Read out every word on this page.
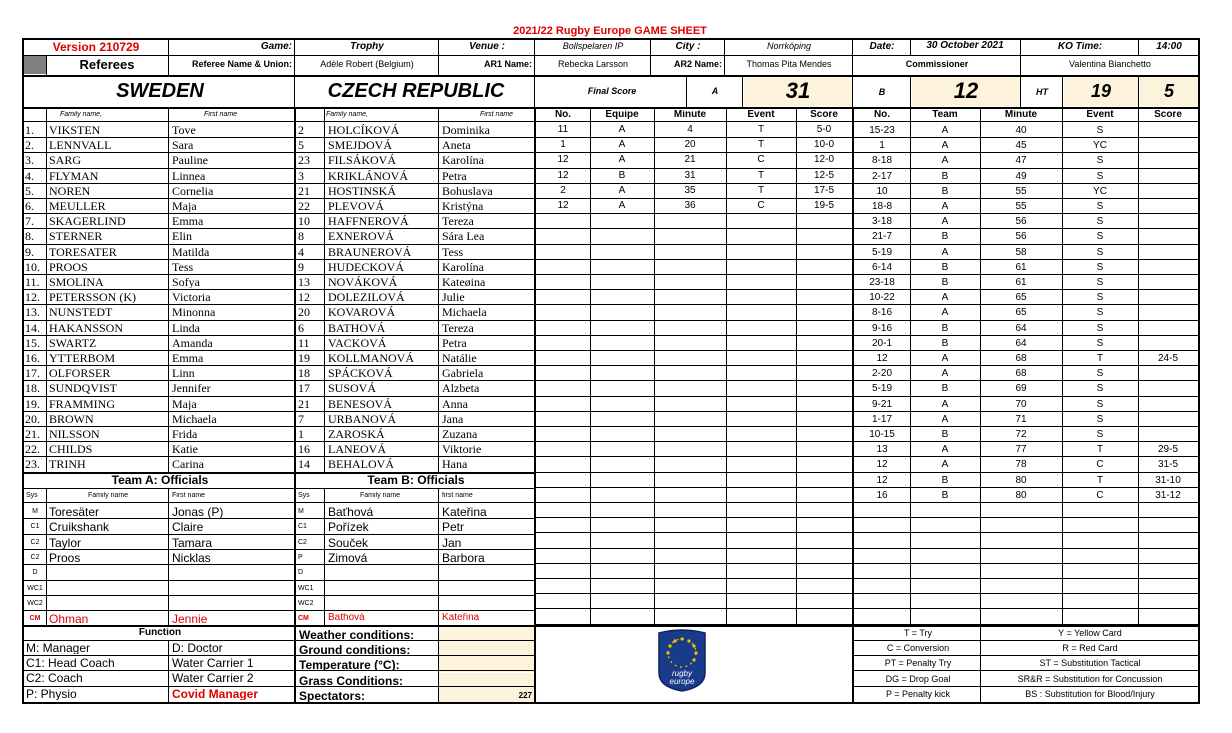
2021/22 Rugby Europe GAME SHEET
Version 210729	Game:	Trophy	Venue :	Bollspelaren IP	City :	Norrköping	Date:	30 October 2021	KO Time:	14:00
Referees	Referee Name & Union:	Adèle Robert (Belgium)	AR1 Name:	Rebecka Larsson	AR2 Name:	Thomas Pita Mendes	Commissioner	Valentina Bianchetto
SWEDEN	CZECH REPUBLIC	Final Score	A	31	B	12	HT	19	5
Family name,	First name	Family name,	First name	No.	Equipe	Minute	Event	Score	No.	Team	Minute	Event	Score
1.	VIKSTEN	Tove
2.	LENNVALL	Sara
3.	SARG	Pauline
4.	FLYMAN	Linnea
5.	NOREN	Cornelia
6.	MEULLER	Maja
7.	SKAGERLIND	Emma
8.	STERNER	Elin
9.	TORESATER	Matilda
10. PROOS	Tess
11. SMOLINA	Sofya
12. PETERSSON (K)	Victoria
13. NUNSTEDT	Minonna
14. HAKANSSON	Linda
15. SWARTZ	Amanda
16. YTTERBOM	Emma
17. OLFORSER	Linn
18. SUNDQVIST	Jennifer
19. FRAMMING	Maja
20. BROWN	Michaela
21. NILSSON	Frida
22. CHILDS	Katie
23. TRINH	Carina
2	HOLCÍKOVÁ	Dominika
5	SMEJDOVÁ	Aneta
23	FILSÁKOVÁ	Karolína
3	KRIKLÁNOVÁ	Petra
21	HOSTINSKÁ	Bohuslava
22	PLEVOVÁ	Kristýna
10	HAFFNEROVÁ	Tereza
8	EXNEROVÁ	Sára Lea
4	BRAUNEROVÁ	Tess
9	HUDECKOVÁ	Karolína
13	NOVÁKOVÁ	Kateøina
12	DOLEZILOVÁ	Julie
20	KOVAROVÁ	Michaela
6	BATHOVÁ	Tereza
11	VACKOVÁ	Petra
19	KOLLMANOVÁ	Natálie
18	SPÁCKOVÁ	Gabriela
17	SUSOVÁ	Alzbeta
21	BENESOVÁ	Anna
7	URBANOVÁ	Jana
1	ZAROSKÁ	Zuzana
16	LANEOVÁ	Viktorie
14	BEHALOVÁ	Hana
11	A	4	T	5-0
1	A	20	T	10-0
12	A	21	C	12-0
12	B	31	T	12-5
2	A	35	T	17-5
12	A	36	C	19-5
15-23	A	40	S
1	A	45	YC
8-18	A	47	S
2-17	B	49	S
10	B	55	YC
18-8	A	55	S
3-18	A	56	S
21-7	B	56	S
5-19	A	58	S
6-14	B	61	S
23-18	B	61	S
10-22	A	65	S
8-16	A	65	S
9-16	B	64	S
20-1	B	64	S
12	A	68	T	24-5
2-20	A	68	S
5-19	B	69	S
9-21	A	70	S
1-17	A	71	S
10-15	B	72	S
13	A	77	T	29-5
12	A	78	C	31-5
12	B	80	T	31-10
16	B	80	C	31-12
Team A: Officials	Team B: Officials
Sys	Family name	First name	Sys	Family name	first name
M Toresäter	Jonas (P)
C1 Cruikshank	Claire
C2 Taylor	Tamara
C2 Proos	Nicklas
D
WC1
WC2
CM Ohman	Jennie
M	Baťhová	Kateřina
C1	Pořízek	Petr
C2	Souček	Jan
P	Zimová	Barbora
D
WC1
WC2
CM	Bathová	Kateřina
Function
M: Manager	D: Doctor
C1: Head Coach	Water Carrier 1
C2: Coach	Water Carrier 2
P: Physio	Covid Manager
Weather conditions:
Ground conditions:
Temperature (°C):
Grass Conditions:
Spectators:	227
rugby
europe
T = Try	Y = Yellow Card
C = Conversion	R = Red Card
PT = Penalty Try	ST = Substitution Tactical
DG = Drop Goal	SR&R = Substitution for Concussion
P = Penalty kick	BS : Substitution for Blood/Injury
